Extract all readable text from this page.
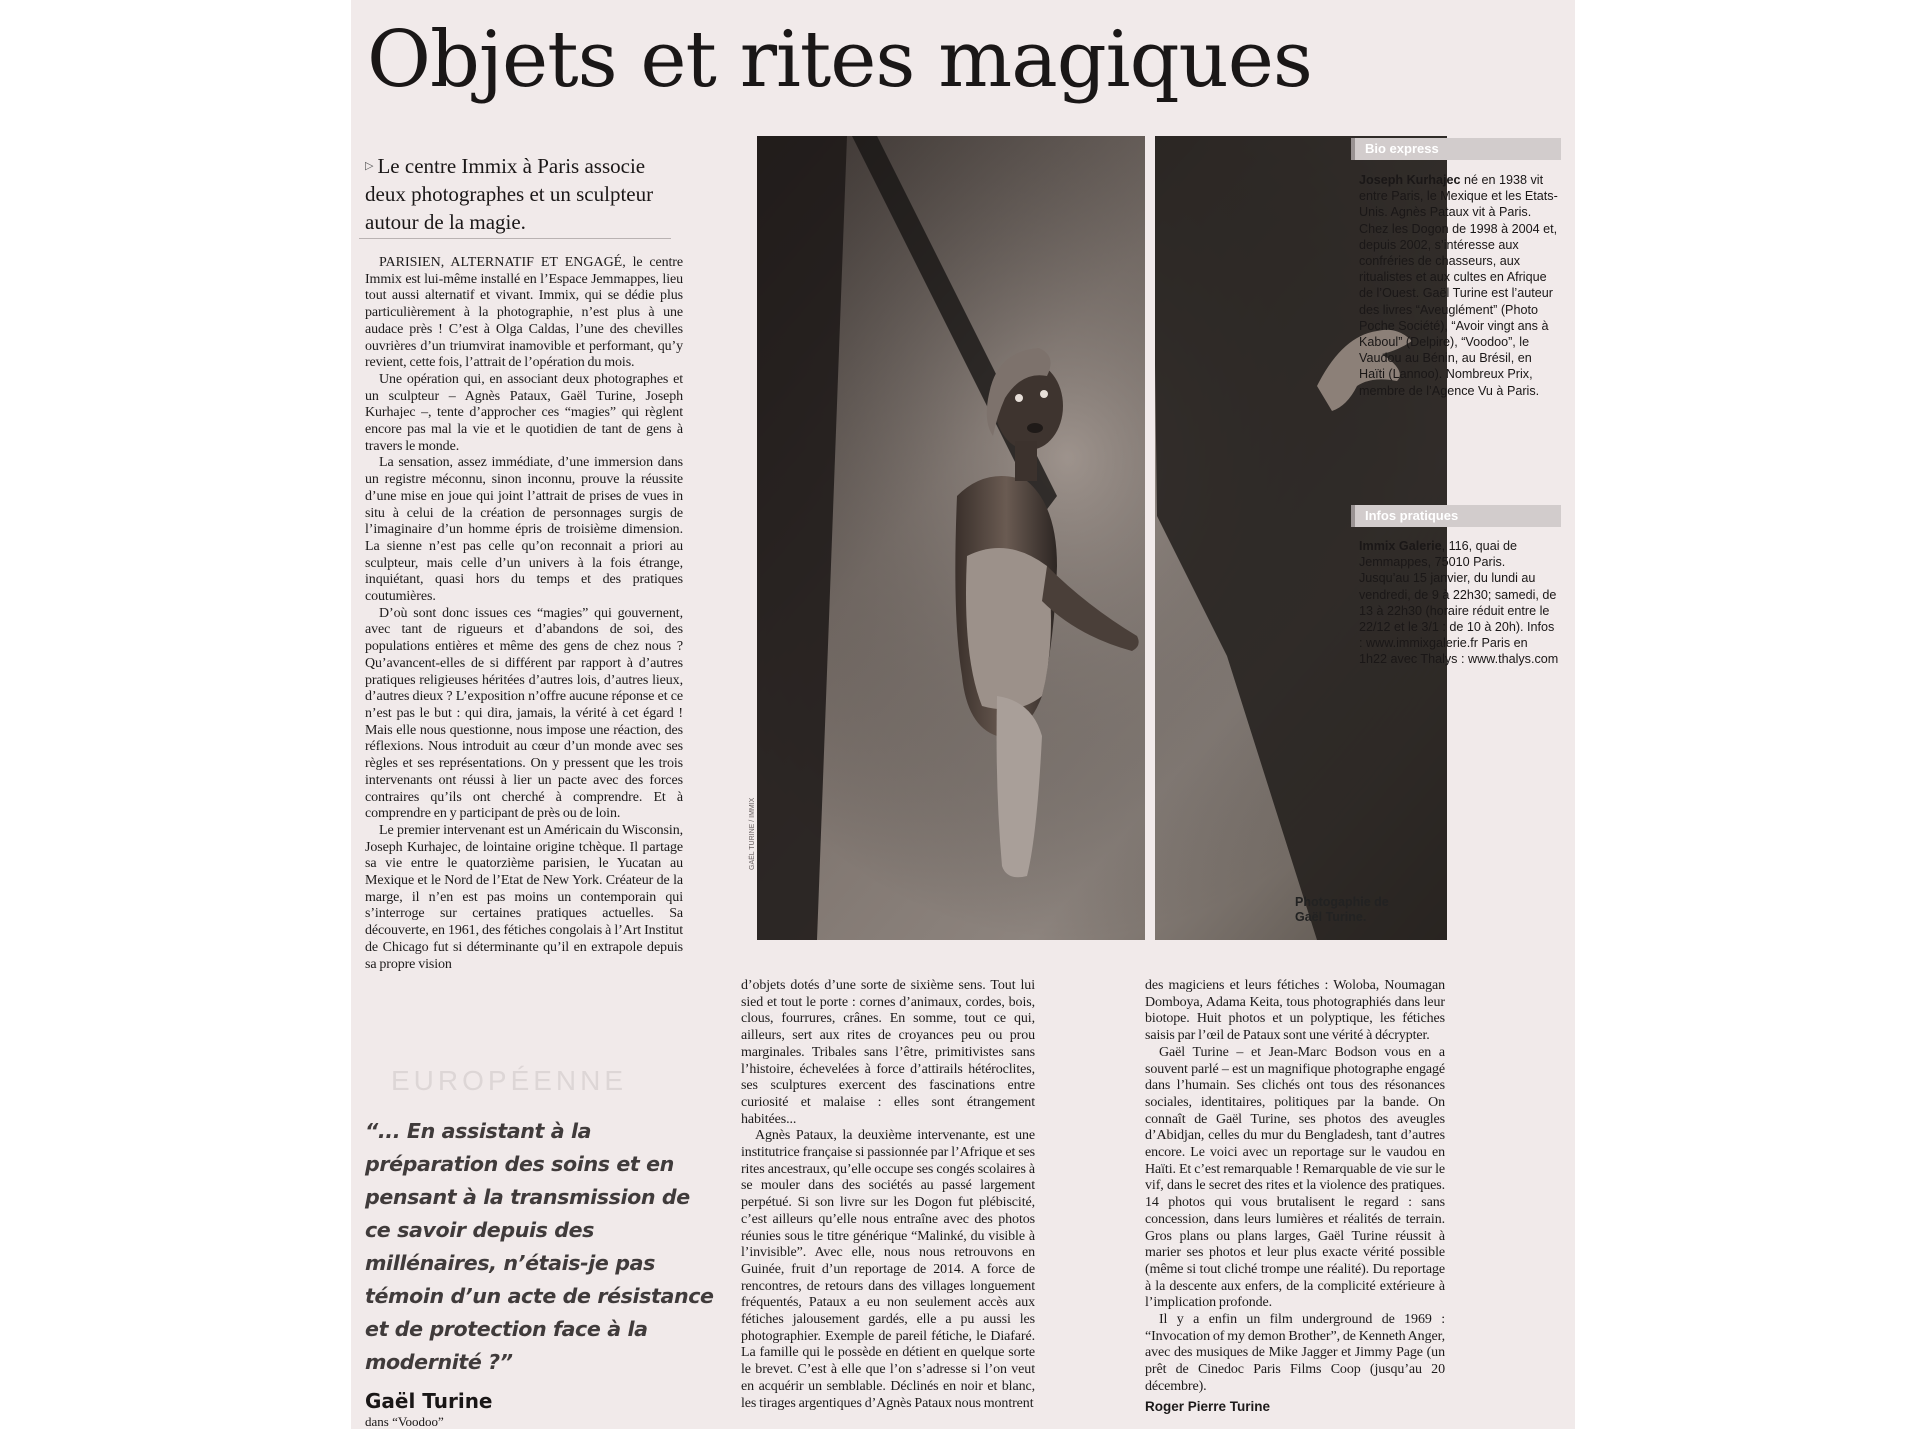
Objets et rites magiques

▷ Le centre Immix à Paris associe deux photographes et un sculpteur autour de la magie.

PARISIEN, ALTERNATIF ET ENGAGÉ, le centre Immix est lui-même installé en l’Espace Jemmappes, lieu tout aussi alternatif et vivant. Immix, qui se dédie plus particulièrement à la photographie, n’est plus à une audace près ! C’est à Olga Caldas, l’une des chevilles ouvrières d’un triumvirat inamovible et performant, qu’y revient, cette fois, l’attrait de l’opération du mois.

Une opération qui, en associant deux photographes et un sculpteur – Agnès Pataux, Gaël Turine, Joseph Kurhajec –, tente d’approcher ces “magies” qui règlent encore pas mal la vie et le quotidien de tant de gens à travers le monde.

La sensation, assez immédiate, d’une immersion dans un registre méconnu, sinon inconnu, prouve la réussite d’une mise en joue qui joint l’attrait de prises de vues in situ à celui de la création de personnages surgis de l’imaginaire d’un homme épris de troisième dimension. La sienne n’est pas celle qu’on reconnait a priori au sculpteur, mais celle d’un univers à la fois étrange, inquiétant, quasi hors du temps et des pratiques coutumières.

D’où sont donc issues ces “magies” qui gouvernent, avec tant de rigueurs et d’abandons de soi, des populations entières et même des gens de chez nous ? Qu’avancent-elles de si différent par rapport à d’autres pratiques religieuses héritées d’autres lois, d’autres lieux, d’autres dieux ? L’exposition n’offre aucune réponse et ce n’est pas le but : qui dira, jamais, la vérité à cet égard ! Mais elle nous questionne, nous impose une réaction, des réflexions. Nous introduit au cœur d’un monde avec ses règles et ses représentations. On y pressent que les trois intervenants ont réussi à lier un pacte avec des forces contraires qu’ils ont cherché à comprendre. Et à comprendre en y participant de près ou de loin.

Le premier intervenant est un Américain du Wisconsin, Joseph Kurhajec, de lointaine origine tchèque. Il partage sa vie entre le quatorzième parisien, le Yucatan au Mexique et le Nord de l’Etat de New York. Créateur de la marge, il n’en est pas moins un contemporain qui s’interroge sur certaines pratiques actuelles. Sa découverte, en 1961, des fétiches congolais à l’Art Institut de Chicago fut si déterminante qu’il en extrapole depuis sa propre vision

EUROPÉENNE

“... En assistant à la préparation des soins et en pensant à la transmission de ce savoir depuis des millénaires, n’étais-je pas témoin d’un acte de résistance et de protection face à la modernité ?”

Gaël Turine

dans “Voodoo”

GAËL TURINE / IMMIX

Photogaphie de Gaël Turine.

Bio express

Joseph Kurhajec né en 1938 vit entre Paris, le Mexique et les Etats-Unis. Agnès Pataux vit à Paris. Chez les Dogon de 1998 à 2004 et, depuis 2002, s’intéresse aux confréries de chasseurs, aux ritualistes et aux cultes en Afrique de l’Ouest. Gaël Turine est l’auteur des livres “Aveuglément” (Photo Poche Société), “Avoir vingt ans à Kaboul” (Delpire), “Voodoo”, le Vaudou au Bénin, au Brésil, en Haïti (Lannoo). Nombreux Prix, membre de l’Agence Vu à Paris.

Infos pratiques

Immix Galerie, 116, quai de Jemmappes, 75010 Paris. Jusqu’au 15 janvier, du lundi au vendredi, de 9 à 22h30; samedi, de 13 à 22h30 (horaire réduit entre le 22/12 et le 3/1 : de 10 à 20h). Infos : www.immixgalerie.fr Paris en 1h22 avec Thalys : www.thalys.com

d’objets dotés d’une sorte de sixième sens. Tout lui sied et tout le porte : cornes d’animaux, cordes, bois, clous, fourrures, crânes. En somme, tout ce qui, ailleurs, sert aux rites de croyances peu ou prou marginales. Tribales sans l’être, primitivistes sans l’histoire, échevelées à force d’attirails hétéroclites, ses sculptures exercent des fascinations entre curiosité et malaise : elles sont étrangement habitées...

Agnès Pataux, la deuxième intervenante, est une institutrice française si passionnée par l’Afrique et ses rites ancestraux, qu’elle occupe ses congés scolaires à se mouler dans des sociétés au passé largement perpétué. Si son livre sur les Dogon fut plébiscité, c’est ailleurs qu’elle nous entraîne avec des photos réunies sous le titre générique “Malinké, du visible à l’invisible”. Avec elle, nous nous retrouvons en Guinée, fruit d’un reportage de 2014. A force de rencontres, de retours dans des villages longuement fréquentés, Pataux a eu non seulement accès aux fétiches jalousement gardés, elle a pu aussi les photographier. Exemple de pareil fétiche, le Diafaré. La famille qui le possède en détient en quelque sorte le brevet. C’est à elle que l’on s’adresse si l’on veut en acquérir un semblable. Déclinés en noir et blanc, les tirages argentiques d’Agnès Pataux nous montrent

des magiciens et leurs fétiches : Woloba, Noumagan Domboya, Adama Keita, tous photographiés dans leur biotope. Huit photos et un polyptique, les fétiches saisis par l’œil de Pataux sont une vérité à décrypter.

Gaël Turine – et Jean-Marc Bodson vous en a souvent parlé – est un magnifique photographe engagé dans l’humain. Ses clichés ont tous des résonances sociales, identitaires, politiques par la bande. On connaît de Gaël Turine, ses photos des aveugles d’Abidjan, celles du mur du Bengladesh, tant d’autres encore. Le voici avec un reportage sur le vaudou en Haïti. Et c’est remarquable ! Remarquable de vie sur le vif, dans le secret des rites et la violence des pratiques. 14 photos qui vous brutalisent le regard : sans concession, dans leurs lumières et réalités de terrain. Gros plans ou plans larges, Gaël Turine réussit à marier ses photos et leur plus exacte vérité possible (même si tout cliché trompe une réalité). Du reportage à la descente aux enfers, de la complicité extérieure à l’implication profonde.

Il y a enfin un film underground de 1969 : “Invocation of my demon Brother”, de Kenneth Anger, avec des musiques de Mike Jagger et Jimmy Page (un prêt de Cinedoc Paris Films Coop (jusqu’au 20 décembre).

Roger Pierre Turine
